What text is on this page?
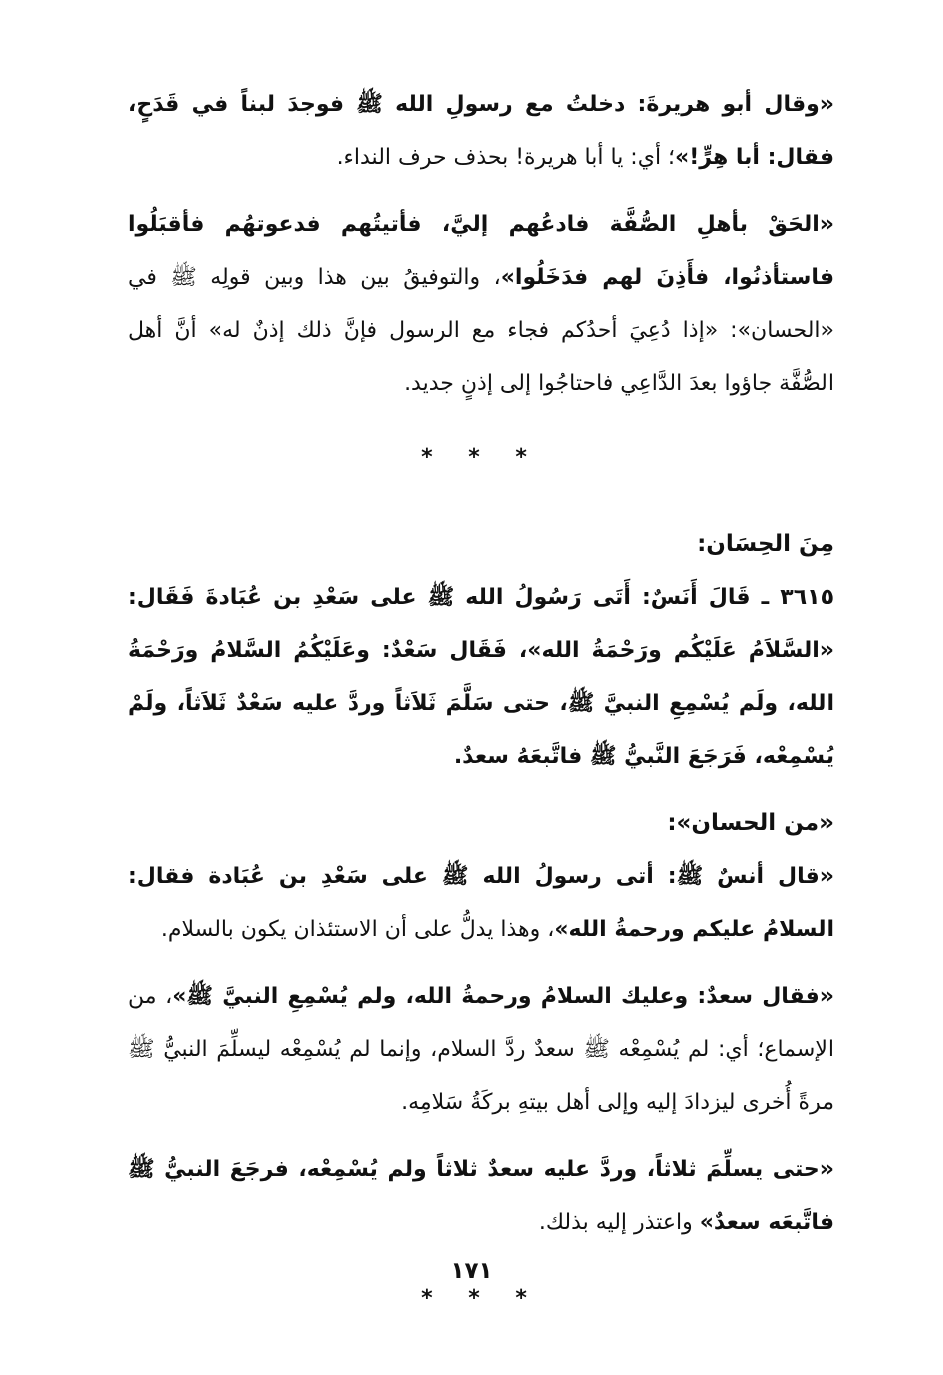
«وقال أبو هريرةَ: دخلتُ مع رسولِ الله ﷺ فوجدَ لبناً في قَدَحٍ، فقال: أبا هِرٍّ!»؛ أي: يا أبا هريرة! بحذف حرف النداء.

«الحَقْ بأهلِ الصُّفَّة فادعُهم إليَّ، فأتيتُهم فدعوتهُم فأقبَلُوا فاستأذنُوا، فأَذِنَ لهم فدَخَلُوا»، والتوفيقُ بين هذا وبين قولِه ﷺ في «الحسان»: «إذا دُعِيَ أحدُكم فجاء مع الرسول فإنَّ ذلك إذنٌ له» أنَّ أهل الصُّفَّة جاؤوا بعدَ الدَّاعِي فاحتاجُوا إلى إذنٍ جديد.

* * *

مِنَ الحِسَان:

٣٦١٥ ـ قَالَ أَنَسٌ: أَتَى رَسُولُ الله ﷺ على سَعْدِ بن عُبَادةَ فَقَال: «السَّلاَمُ عَلَيْكُم ورَحْمَةُ الله»، فَقَال سَعْدٌ: وعَلَيْكُمُ السَّلامُ ورَحْمَةُ الله، ولَم يُسْمِعِ النبيَّ ﷺ، حتى سَلَّمَ ثَلاَثاً وردَّ عليه سَعْدٌ ثَلاَثاً، ولَمْ يُسْمِعْه، فَرَجَعَ النَّبيُّ ﷺ فاتَّبعَهُ سعدٌ.

«من الحسان»:

«قال أنسٌ ﷺ: أتى رسولُ الله ﷺ على سَعْدِ بن عُبَادة فقال: السلامُ عليكم ورحمةُ الله»، وهذا يدلُّ على أن الاستئذان يكون بالسلام.

«فقال سعدٌ: وعليك السلامُ ورحمةُ الله، ولم يُسْمِعِ النبيَّ ﷺ»، من الإسماع؛ أي: لم يُسْمِعْه ﷺ سعدٌ ردَّ السلام، وإنما لم يُسْمِعْه ليسلِّمَ النبيُّ ﷺ مرةً أُخرى ليزدادَ إليه وإلى أهل بيتهِ بركَةُ سَلامِه.

«حتى يسلِّمَ ثلاثاً، وردَّ عليه سعدٌ ثلاثاً ولم يُسْمِعْه، فرجَعَ النبيُّ ﷺ فاتَّبعَه سعدٌ» واعتذر إليه بذلك.

* * *
١٧١
